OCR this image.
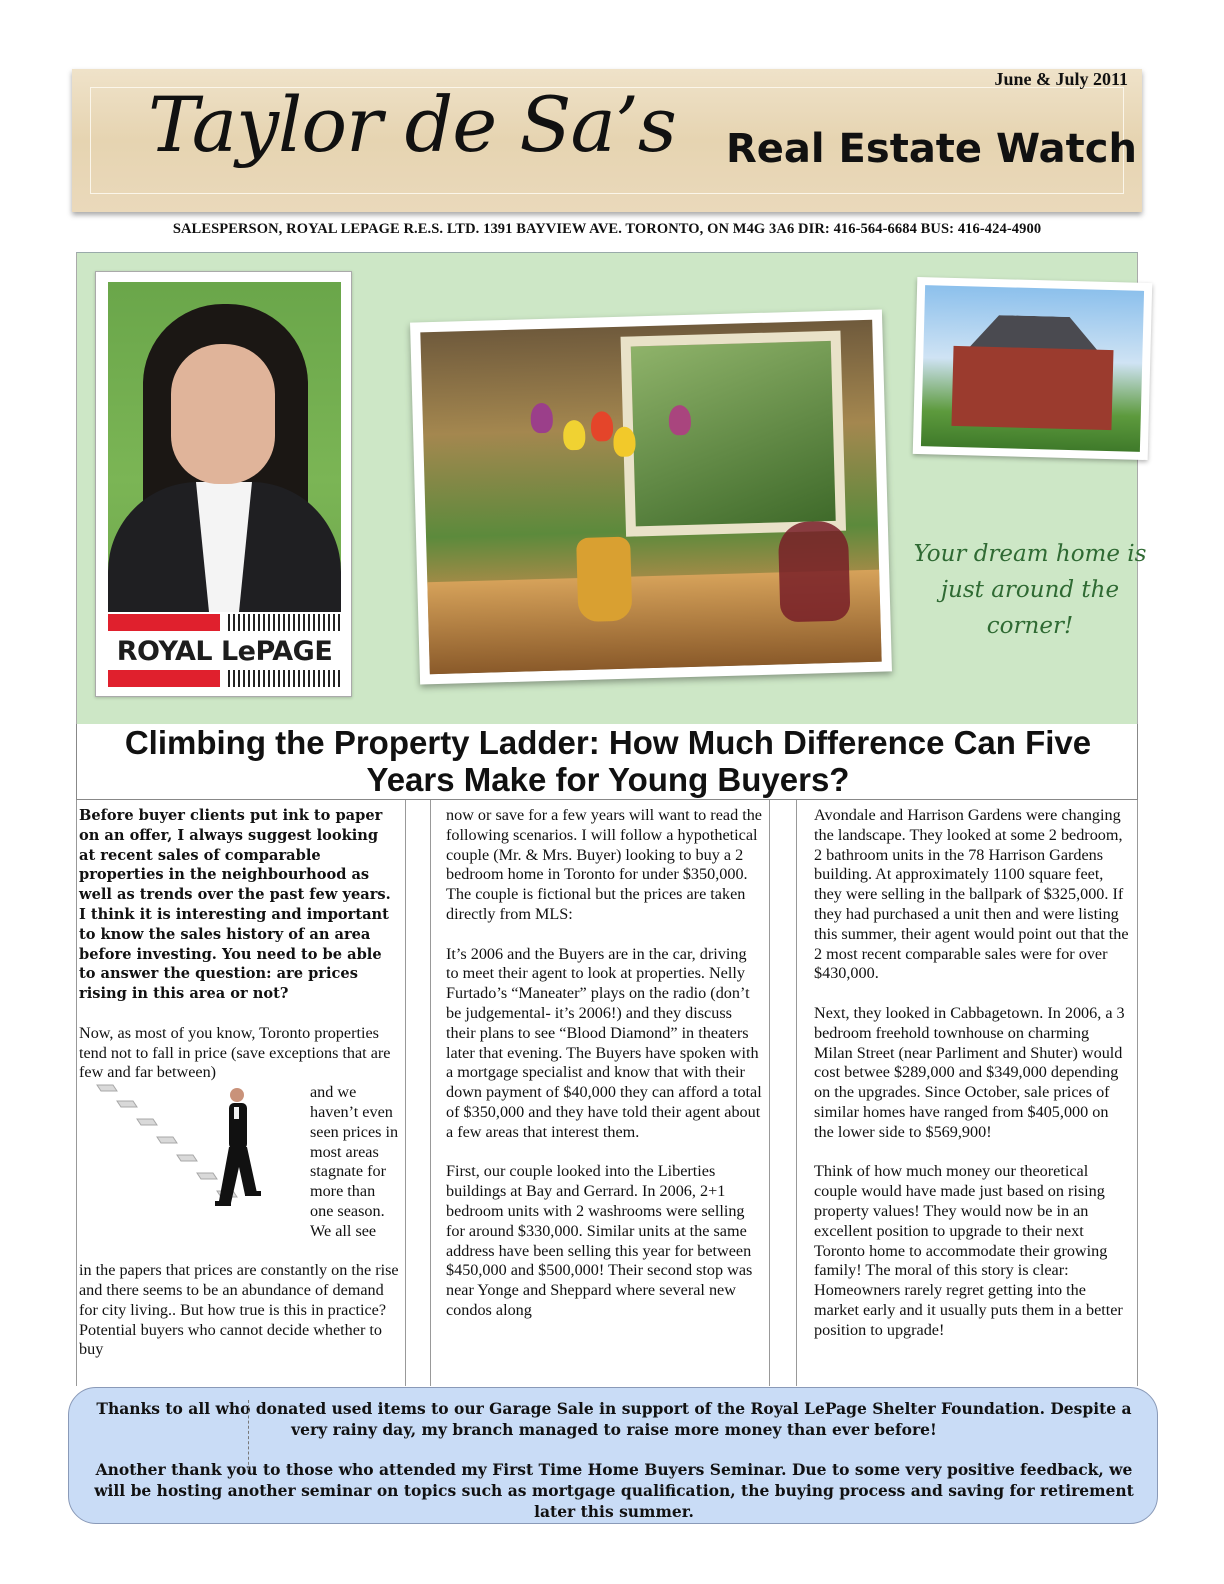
June & July 2011
Taylor de Sa’s Real Estate Watch
SALESPERSON, ROYAL LEPAGE R.E.S. LTD. 1391 BAYVIEW AVE. TORONTO, ON M4G 3A6 DIR: 416-564-6684 BUS: 416-424-4900
ROYAL LePAGE
Your dream home is just around the corner!
Climbing the Property Ladder: How Much Difference Can Five Years Make for Young Buyers?

Before buyer clients put ink to paper on an offer, I always suggest looking at recent sales of comparable properties in the neighbourhood as well as trends over the past few years. I think it is interesting and important to know the sales history of an area before investing. You need to be able to answer the question: are prices rising in this area or not?

Now, as most of you know, Toronto properties tend not to fall in price (save exceptions that are few and far between)

and we haven’t even seen prices in most areas stagnate for more than one season. We all see

in the papers that prices are constantly on the rise and there seems to be an abundance of demand for city living.. But how true is this in practice? Potential buyers who cannot decide whether to buy

now or save for a few years will want to read the following scenarios. I will follow a hypothetical couple (Mr. & Mrs. Buyer) looking to buy a 2 bedroom home in Toronto for under $350,000. The couple is fictional but the prices are taken directly from MLS:

It’s 2006 and the Buyers are in the car, driving to meet their agent to look at properties. Nelly Furtado’s “Maneater” plays on the radio (don’t be judgemental- it’s 2006!) and they discuss their plans to see “Blood Diamond” in theaters later that evening. The Buyers have spoken with a mortgage specialist and know that with their down payment of $40,000 they can afford a total of $350,000 and they have told their agent about a few areas that interest them.

First, our couple looked into the Liberties buildings at Bay and Gerrard. In 2006, 2+1 bedroom units with 2 washrooms were selling for around $330,000. Similar units at the same address have been selling this year for between $450,000 and $500,000! Their second stop was near Yonge and Sheppard where several new condos along

Avondale and Harrison Gardens were changing the landscape. They looked at some 2 bedroom, 2 bathroom units in the 78 Harrison Gardens building. At approximately 1100 square feet, they were selling in the ballpark of $325,000. If they had purchased a unit then and were listing this summer, their agent would point out that the 2 most recent comparable sales were for over $430,000.

Next, they looked in Cabbagetown. In 2006, a 3 bedroom freehold townhouse on charming Milan Street (near Parliment and Shuter) would cost betwee $289,000 and $349,000 depending on the upgrades. Since October, sale prices of similar homes have ranged from $405,000 on the lower side to $569,900!

Think of how much money our theoretical couple would have made just based on rising property values! They would now be in an excellent position to upgrade to their next Toronto home to accommodate their growing family! The moral of this story is clear: Homeowners rarely regret getting into the market early and it usually puts them in a better position to upgrade!

Thanks to all who donated used items to our Garage Sale in support of the Royal LePage Shelter Foundation. Despite a very rainy day, my branch managed to raise more money than ever before!

Another thank you to those who attended my First Time Home Buyers Seminar. Due to some very positive feedback, we will be hosting another seminar on topics such as mortgage qualification, the buying process and saving for retirement later this summer.
